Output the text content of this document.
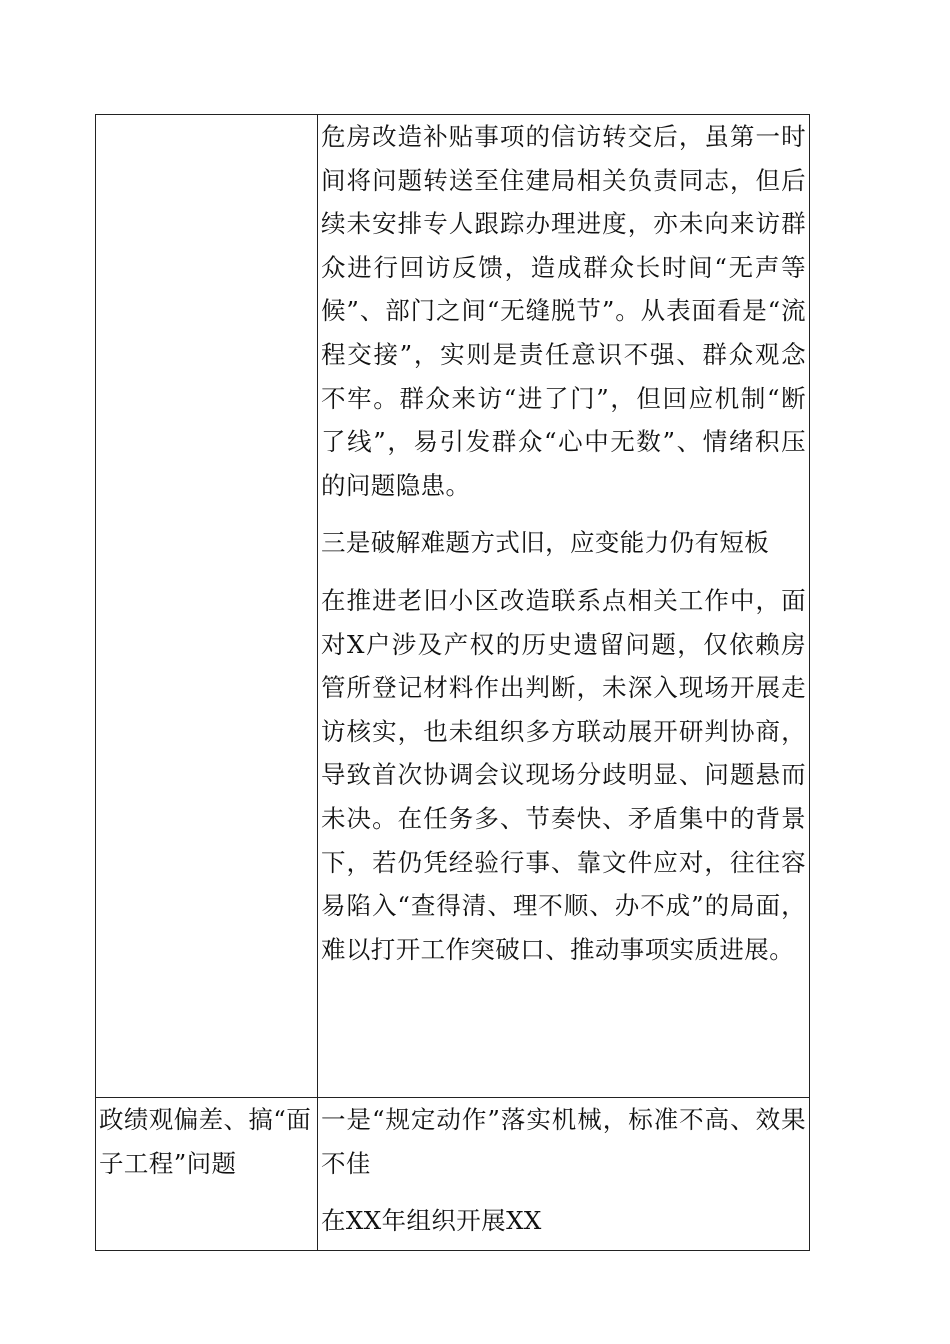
	危房改造补贴事项的信访转交后，虽第一时间将问题转送至住建局相关负责同志，但后续未安排专人跟踪办理进度，亦未向来访群众进行回访反馈，造成群众长时间“无声等候”、部门之间“无缝脱节”。从表面看是“流程交接”，实则是责任意识不强、群众观念不牢。群众来访“进了门”，但回应机制“断了线”，易引发群众“心中无数”、情绪积压的问题隐患。

三是破解难题方式旧，应变能力仍有短板

在推进老旧小区改造联系点相关工作中，面对X户涉及产权的历史遗留问题，仅依赖房管所登记材料作出判断，未深入现场开展走访核实，也未组织多方联动展开研判协商，导致首次协调会议现场分歧明显、问题悬而未决。在任务多、节奏快、矛盾集中的背景下，若仍凭经验行事、靠文件应对，往往容易陷入“查得清、理不顺、办不成”的局面，难以打开工作突破口、推动事项实质进展。

政绩观偏差、搞“面子工程”问题	一是“规定动作”落实机械，标准不高、效果不佳

在XX年组织开展XX
